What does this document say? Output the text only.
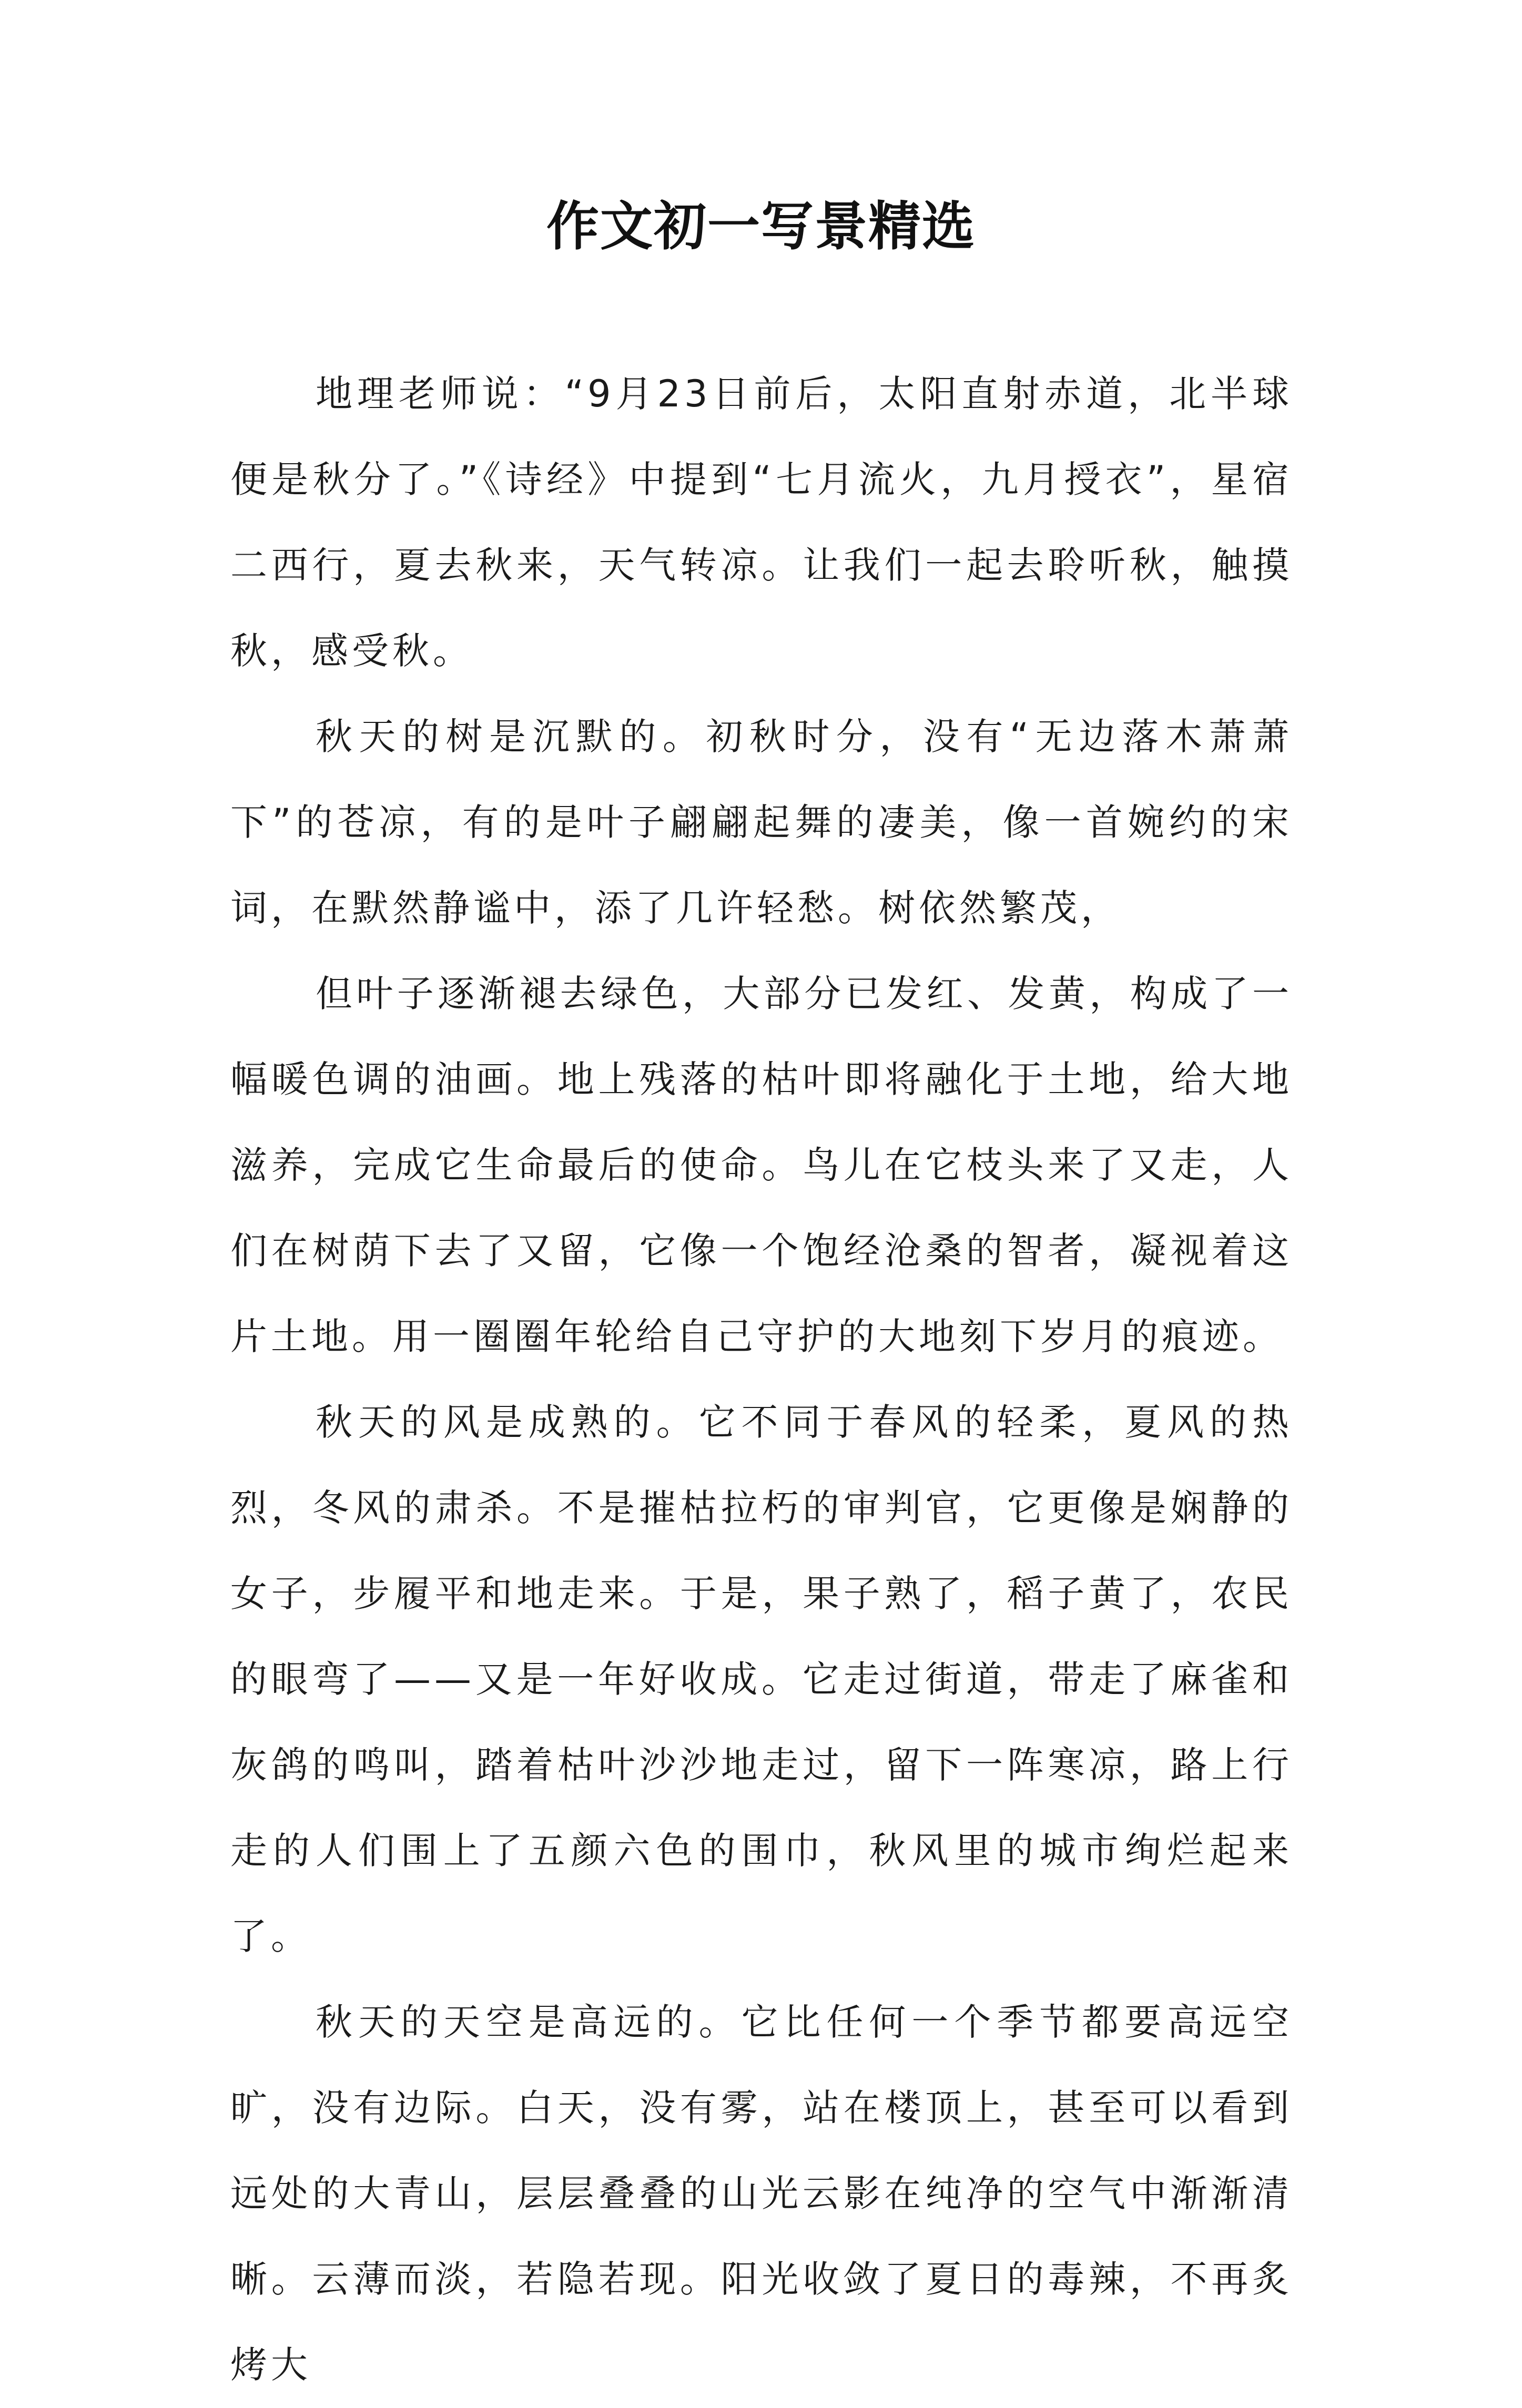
作文初一写景精选

地理老师说：“9月23日前后，太阳直射赤道，北半球便是秋分了。”《诗经》中提到“七月流火，九月授衣”，星宿二西行，夏去秋来，天气转凉。让我们一起去聆听秋，触摸秋，感受秋。

秋天的树是沉默的。初秋时分，没有“无边落木萧萧下”的苍凉，有的是叶子翩翩起舞的凄美，像一首婉约的宋词，在默然静谧中，添了几许轻愁。树依然繁茂，

但叶子逐渐褪去绿色，大部分已发红、发黄，构成了一幅暖色调的油画。地上残落的枯叶即将融化于土地，给大地滋养，完成它生命最后的使命。鸟儿在它枝头来了又走，人们在树荫下去了又留，它像一个饱经沧桑的智者，凝视着这片土地。用一圈圈年轮给自己守护的大地刻下岁月的痕迹。

秋天的风是成熟的。它不同于春风的轻柔，夏风的热烈，冬风的肃杀。不是摧枯拉朽的审判官，它更像是娴静的女子，步履平和地走来。于是，果子熟了，稻子黄了，农民的眼弯了——又是一年好收成。它走过街道，带走了麻雀和灰鸽的鸣叫，踏着枯叶沙沙地走过，留下一阵寒凉，路上行走的人们围上了五颜六色的围巾，秋风里的城市绚烂起来了。

秋天的天空是高远的。它比任何一个季节都要高远空旷，没有边际。白天，没有雾，站在楼顶上，甚至可以看到远处的大青山，层层叠叠的山光云影在纯净的空气中渐渐清晰。云薄而淡，若隐若现。阳光收敛了夏日的毒辣，不再炙烤大
